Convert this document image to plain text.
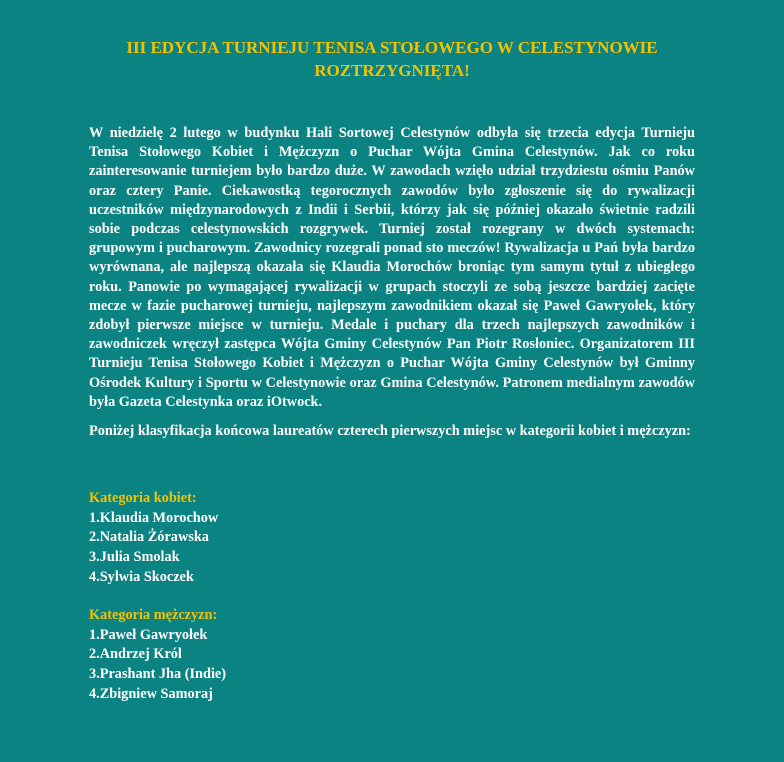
III EDYCJA TURNIEJU TENISA STOŁOWEGO W CELESTYNOWIE ROZTRZYGNIĘTA!

W niedzielę 2 lutego w budynku Hali Sortowej Celestynów odbyła się trzecia edycja Turnieju Tenisa Stołowego Kobiet i Mężczyzn o Puchar Wójta Gmina Celestynów. Jak co roku zainteresowanie turniejem było bardzo duże. W zawodach wzięło udział trzydziestu ośmiu Panów oraz cztery Panie. Ciekawostką tegorocznych zawodów było zgłoszenie się do rywalizacji uczestników międzynarodowych z Indii i Serbii, którzy jak się później okazało świetnie radzili sobie podczas celestynowskich rozgrywek. Turniej został rozegrany w dwóch systemach: grupowym i pucharowym. Zawodnicy rozegrali ponad sto meczów! Rywalizacja u Pań była bardzo wyrównana, ale najlepszą okazała się Klaudia Morochów broniąc tym samym tytuł z ubiegłego roku. Panowie po wymagającej rywalizacji w grupach stoczyli ze sobą jeszcze bardziej zacięte mecze w fazie pucharowej turnieju, najlepszym zawodnikiem okazał się Paweł Gawryołek, który zdobył pierwsze miejsce w turnieju. Medale i puchary dla trzech najlepszych zawodników i zawodniczek wręczył zastępca Wójta Gminy Celestynów Pan Piotr Rosłoniec. Organizatorem III Turnieju Tenisa Stołowego Kobiet i Mężczyzn o Puchar Wójta Gminy Celestynów był Gminny Ośrodek Kultury i Sportu w Celestynowie oraz Gmina Celestynów. Patronem medialnym zawodów była Gazeta Celestynka oraz iOtwock.

Poniżej klasyfikacja końcowa laureatów czterech pierwszych miejsc w kategorii kobiet i mężczyzn:

Kategoria kobiet:
1.Klaudia Morochow
2.Natalia Żórawska
3.Julia Smolak
4.Sylwia Skoczek
Kategoria mężczyzn:
1.Paweł Gawryołek
2.Andrzej Król
3.Prashant Jha (Indie)
4.Zbigniew Samoraj
